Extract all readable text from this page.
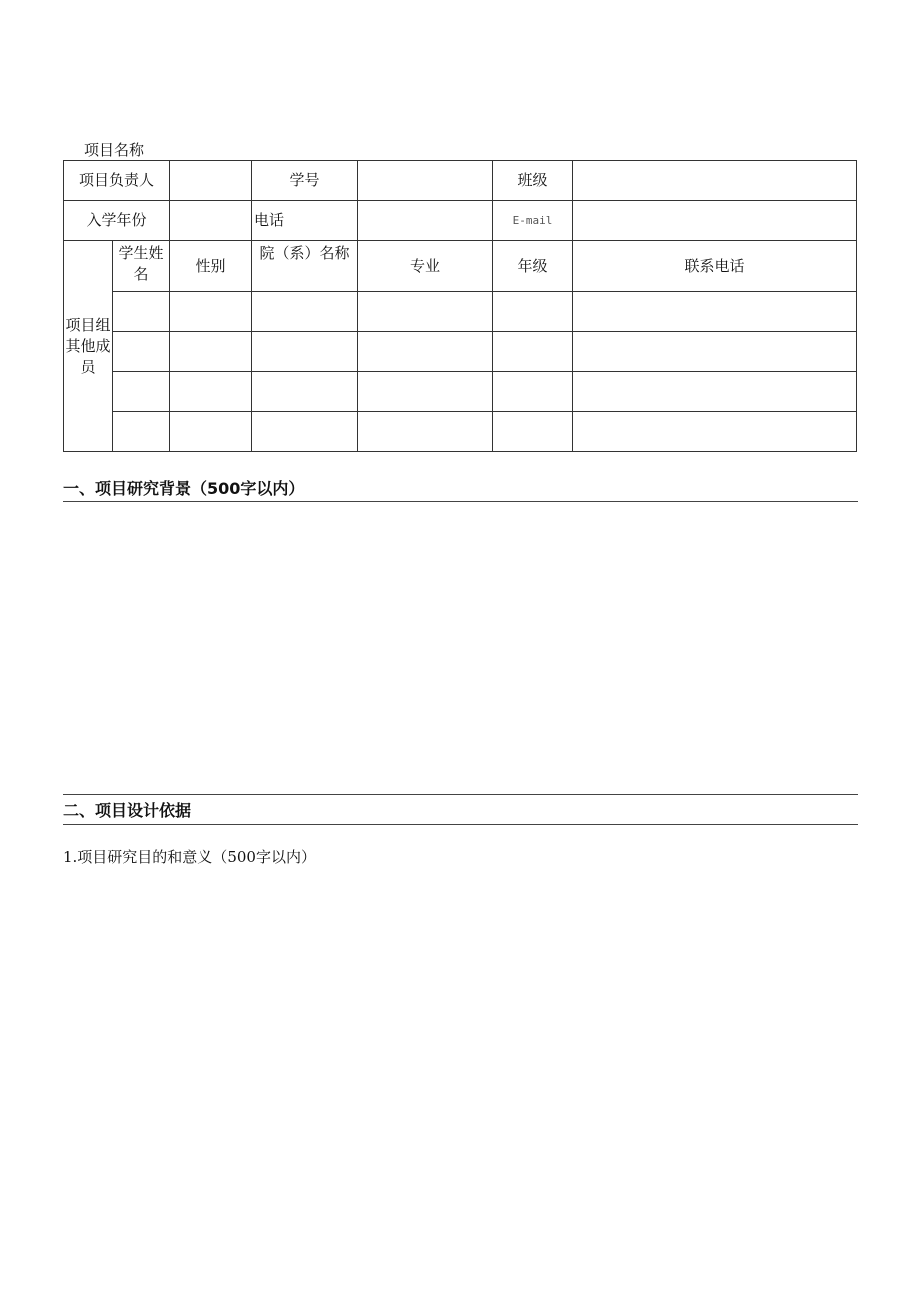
项目名称
项目负责人			学号		班级	
入学年份			电话		E-mail	
项目组其他成员	学生姓名	性别	院（系）名称	专业	年级	联系电话

一、项目研究背景（500字以内）
二、项目设计依据
1.项目研究目的和意义（500字以内）
